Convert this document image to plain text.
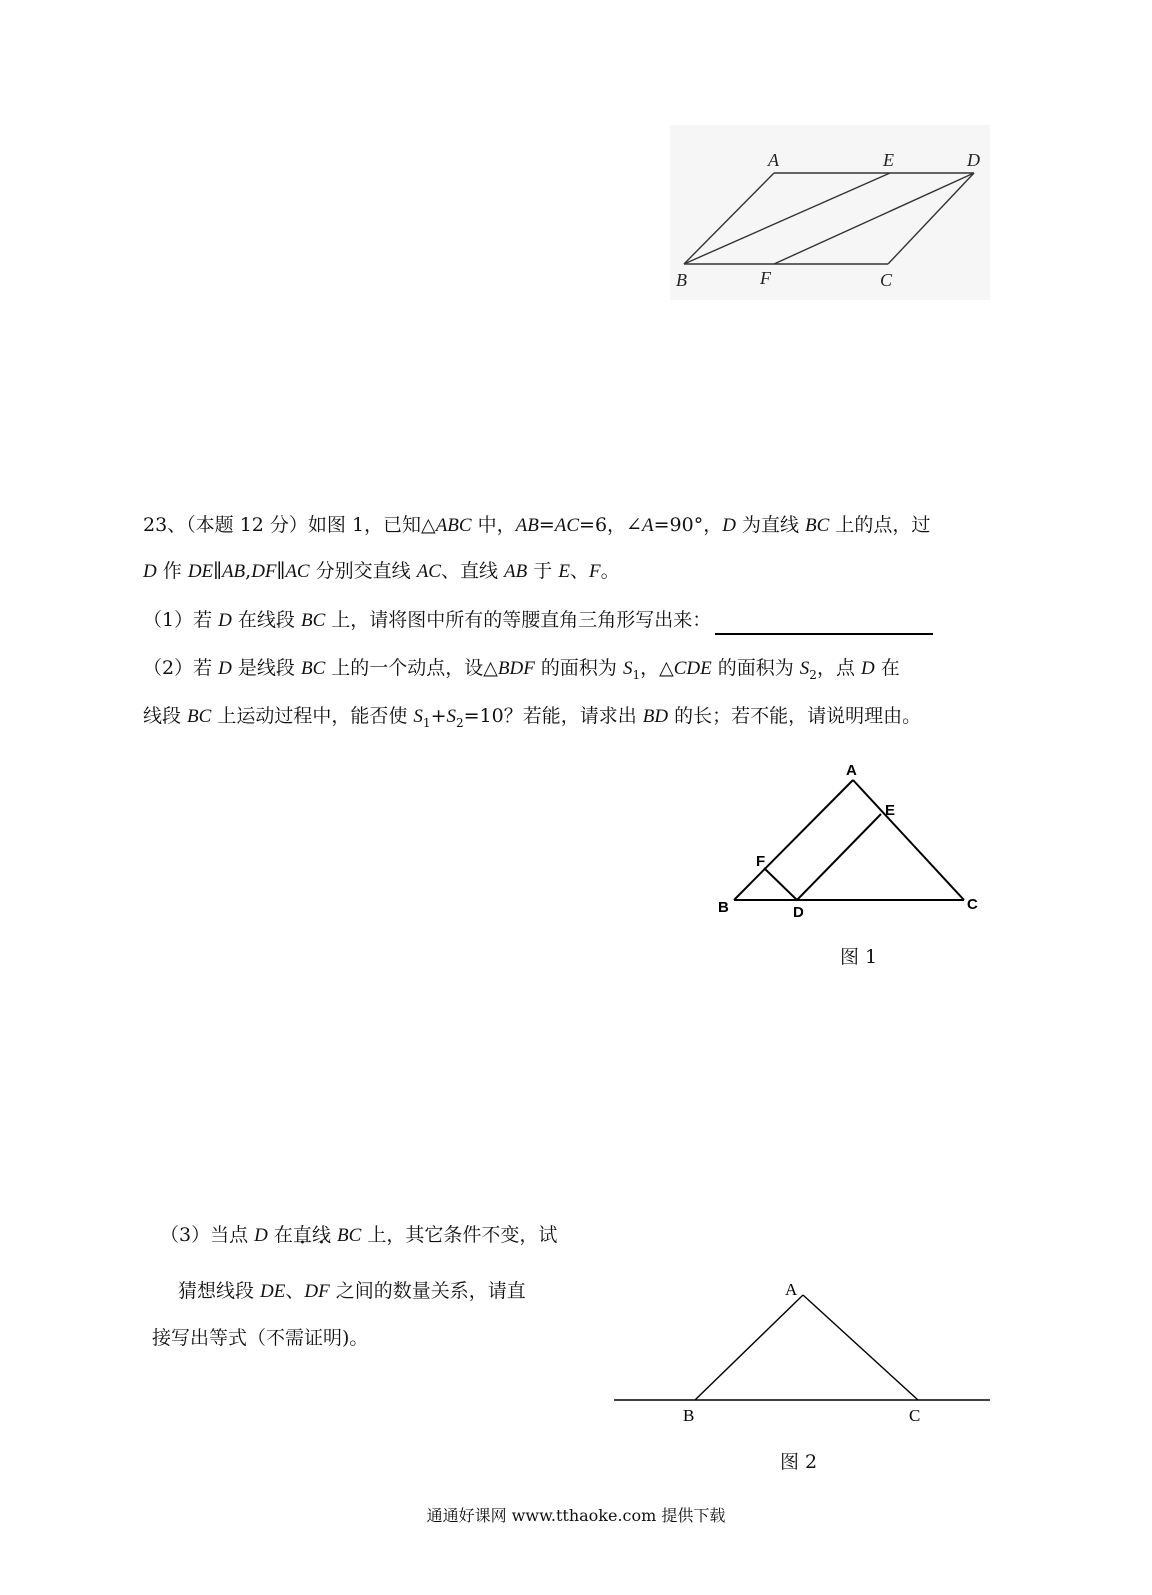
A	E	D
B	F	C
23、（本题 12 分）如图 1，已知△ABC 中，AB=AC=6，∠A=90°，D 为直线 BC 上的点，过
D 作 DE∥AB,DF∥AC 分别交直线 AC、直线 AB 于 E、F。
（1）若 D 在线段 BC 上，请将图中所有的等腰直角三角形写出来：
（2）若 D 是线段 BC 上的一个动点，设△BDF 的面积为 $S_1$，△CDE 的面积为 $S_2$，点 D 在
线段 BC 上运动过程中，能否使 $S_1+S_2=10$？若能，请求出 BD 的长；若不能，请说明理由。
A
E
F
B	D	C
图 1
（3）当点 D 在直线 BC 上，其它条件不变，试
猜想线段 DE、DF 之间的数量关系，请直
接写出等式（不需证明)。
A
B	C
图 2
通通好课网 www.tthaoke.com 提供下载
